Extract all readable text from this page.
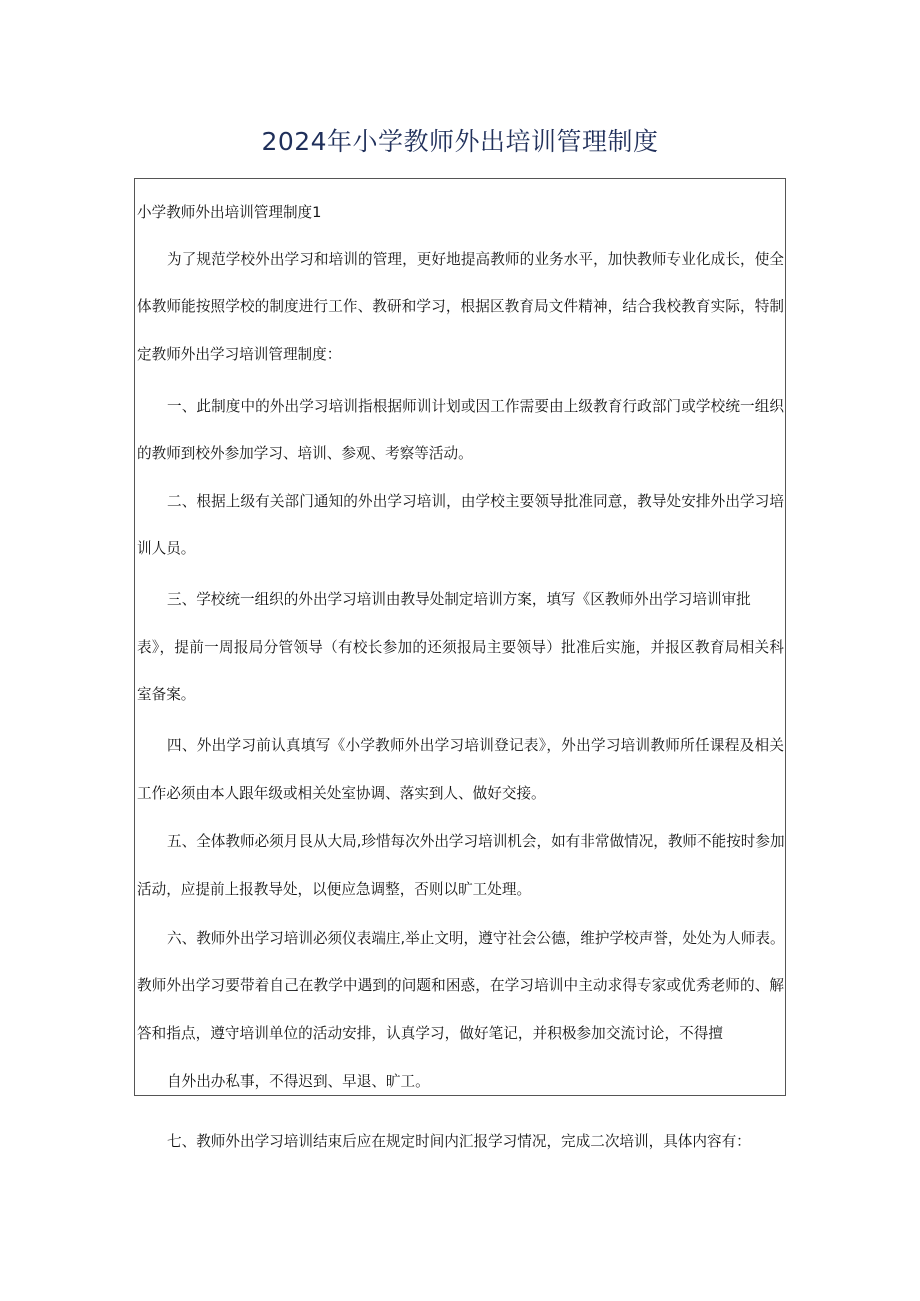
2024年小学教师外出培训管理制度
小学教师外出培训管理制度1
为了规范学校外出学习和培训的管理，更好地提高教师的业务水平，加快教师专业化成长，使全
体教师能按照学校的制度进行工作、教研和学习，根据区教育局文件精神，结合我校教育实际，特制
定教师外出学习培训管理制度：
一、此制度中的外出学习培训指根据师训计划或因工作需要由上级教育行政部门或学校统一组织
的教师到校外参加学习、培训、参观、考察等活动。
二、根据上级有关部门通知的外出学习培训，由学校主要领导批准同意，教导处安排外出学习培
训人员。
三、学校统一组织的外出学习培训由教导处制定培训方案，填写《区教师外出学习培训审批
表》，提前一周报局分管领导（有校长参加的还须报局主要领导）批准后实施，并报区教育局相关科
室备案。
四、外出学习前认真填写《小学教师外出学习培训登记表》，外出学习培训教师所任课程及相关
工作必须由本人跟年级或相关处室协调、落实到人、做好交接。
五、全体教师必须月艮从大局,珍惜每次外出学习培训机会，如有非常做情况，教师不能按时参加
活动，应提前上报教导处，以便应急调整，否则以旷工处理。
六、教师外出学习培训必须仪表端庄,举止文明，遵守社会公德，维护学校声誉，处处为人师表。
教师外出学习要带着自己在教学中遇到的问题和困惑，在学习培训中主动求得专家或优秀老师的、解
答和指点，遵守培训单位的活动安排，认真学习，做好笔记，并积极参加交流讨论，不得擅
自外出办私事，不得迟到、早退、旷工。
七、教师外出学习培训结束后应在规定时间内汇报学习情况，完成二次培训，具体内容有：
